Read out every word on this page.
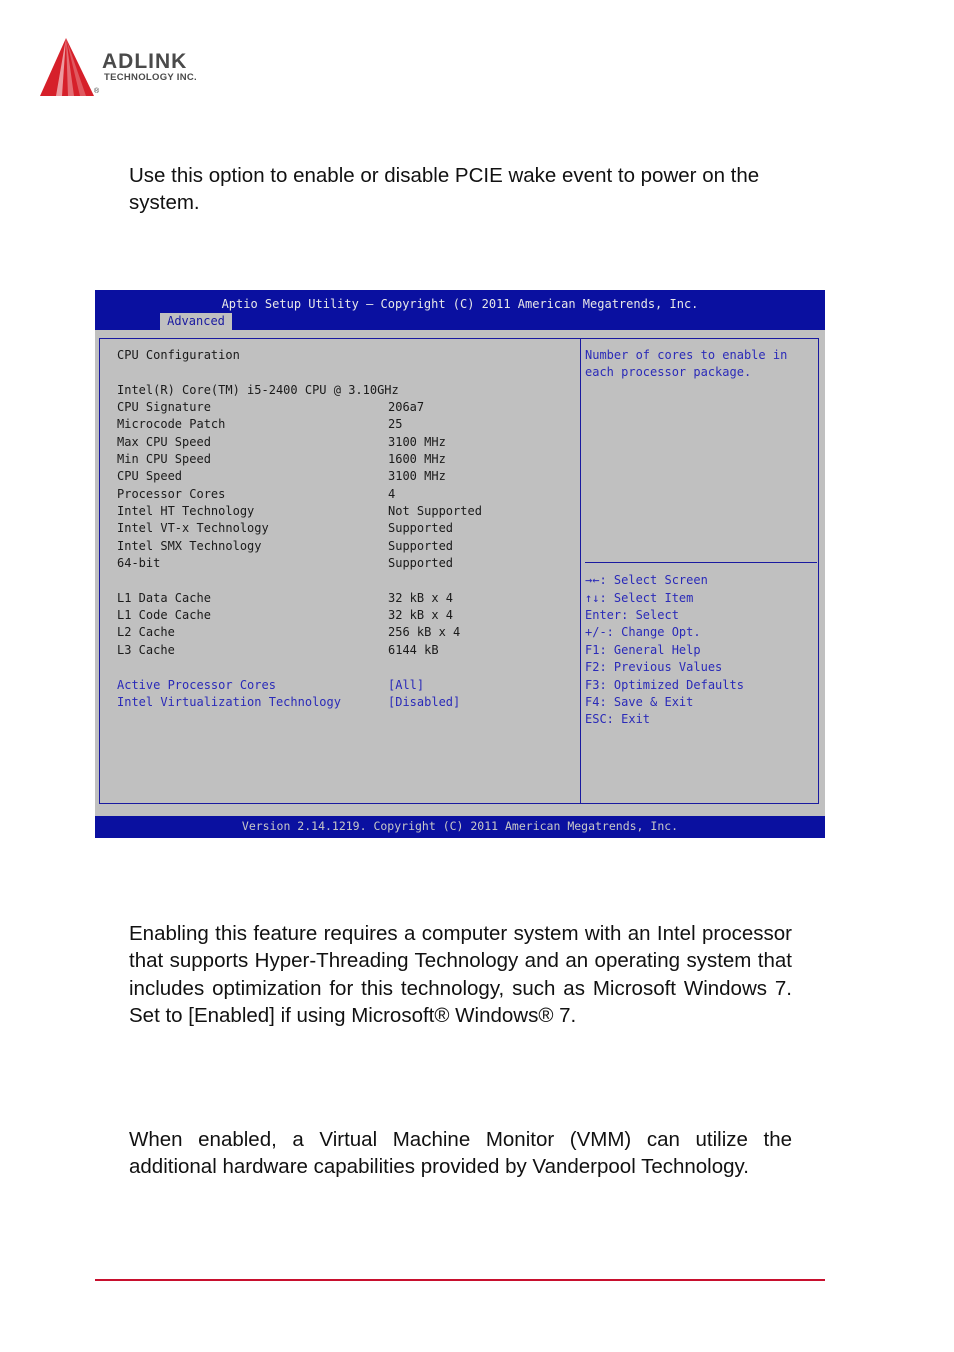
ADLINK
TECHNOLOGY INC.
®

Use this option to enable or disable PCIE wake event to power on the system.

Aptio Setup Utility – Copyright (C) 2011 American Megatrends, Inc.
Advanced
CPU Configuration
Intel(R) Core(TM) i5-2400 CPU @ 3.10GHz
CPU Signature	206a7
Microcode Patch	25
Max CPU Speed	3100 MHz
Min CPU Speed	1600 MHz
CPU Speed	3100 MHz
Processor Cores	4
Intel HT Technology	Not Supported
Intel VT-x Technology	Supported
Intel SMX Technology	Supported
64-bit	Supported
L1 Data Cache	32 kB x 4
L1 Code Cache	32 kB x 4
L2 Cache	256 kB x 4
L3 Cache	6144 kB
Active Processor Cores	[All]
Intel Virtualization Technology	[Disabled]
Number of cores to enable in
each processor package.
→←: Select Screen
↑↓: Select Item
Enter: Select
+/-: Change Opt.
F1: General Help
F2: Previous Values
F3: Optimized Defaults
F4: Save & Exit
ESC: Exit
Version 2.14.1219. Copyright (C) 2011 American Megatrends, Inc.

Enabling this feature requires a computer system with an Intel processor that supports Hyper-Threading Technology and an operating system that includes optimization for this technology, such as Microsoft Windows 7. Set to [Enabled] if using Microsoft® Windows® 7.

When enabled, a Virtual Machine Monitor (VMM) can utilize the additional hardware capabilities provided by Vanderpool Technology.
